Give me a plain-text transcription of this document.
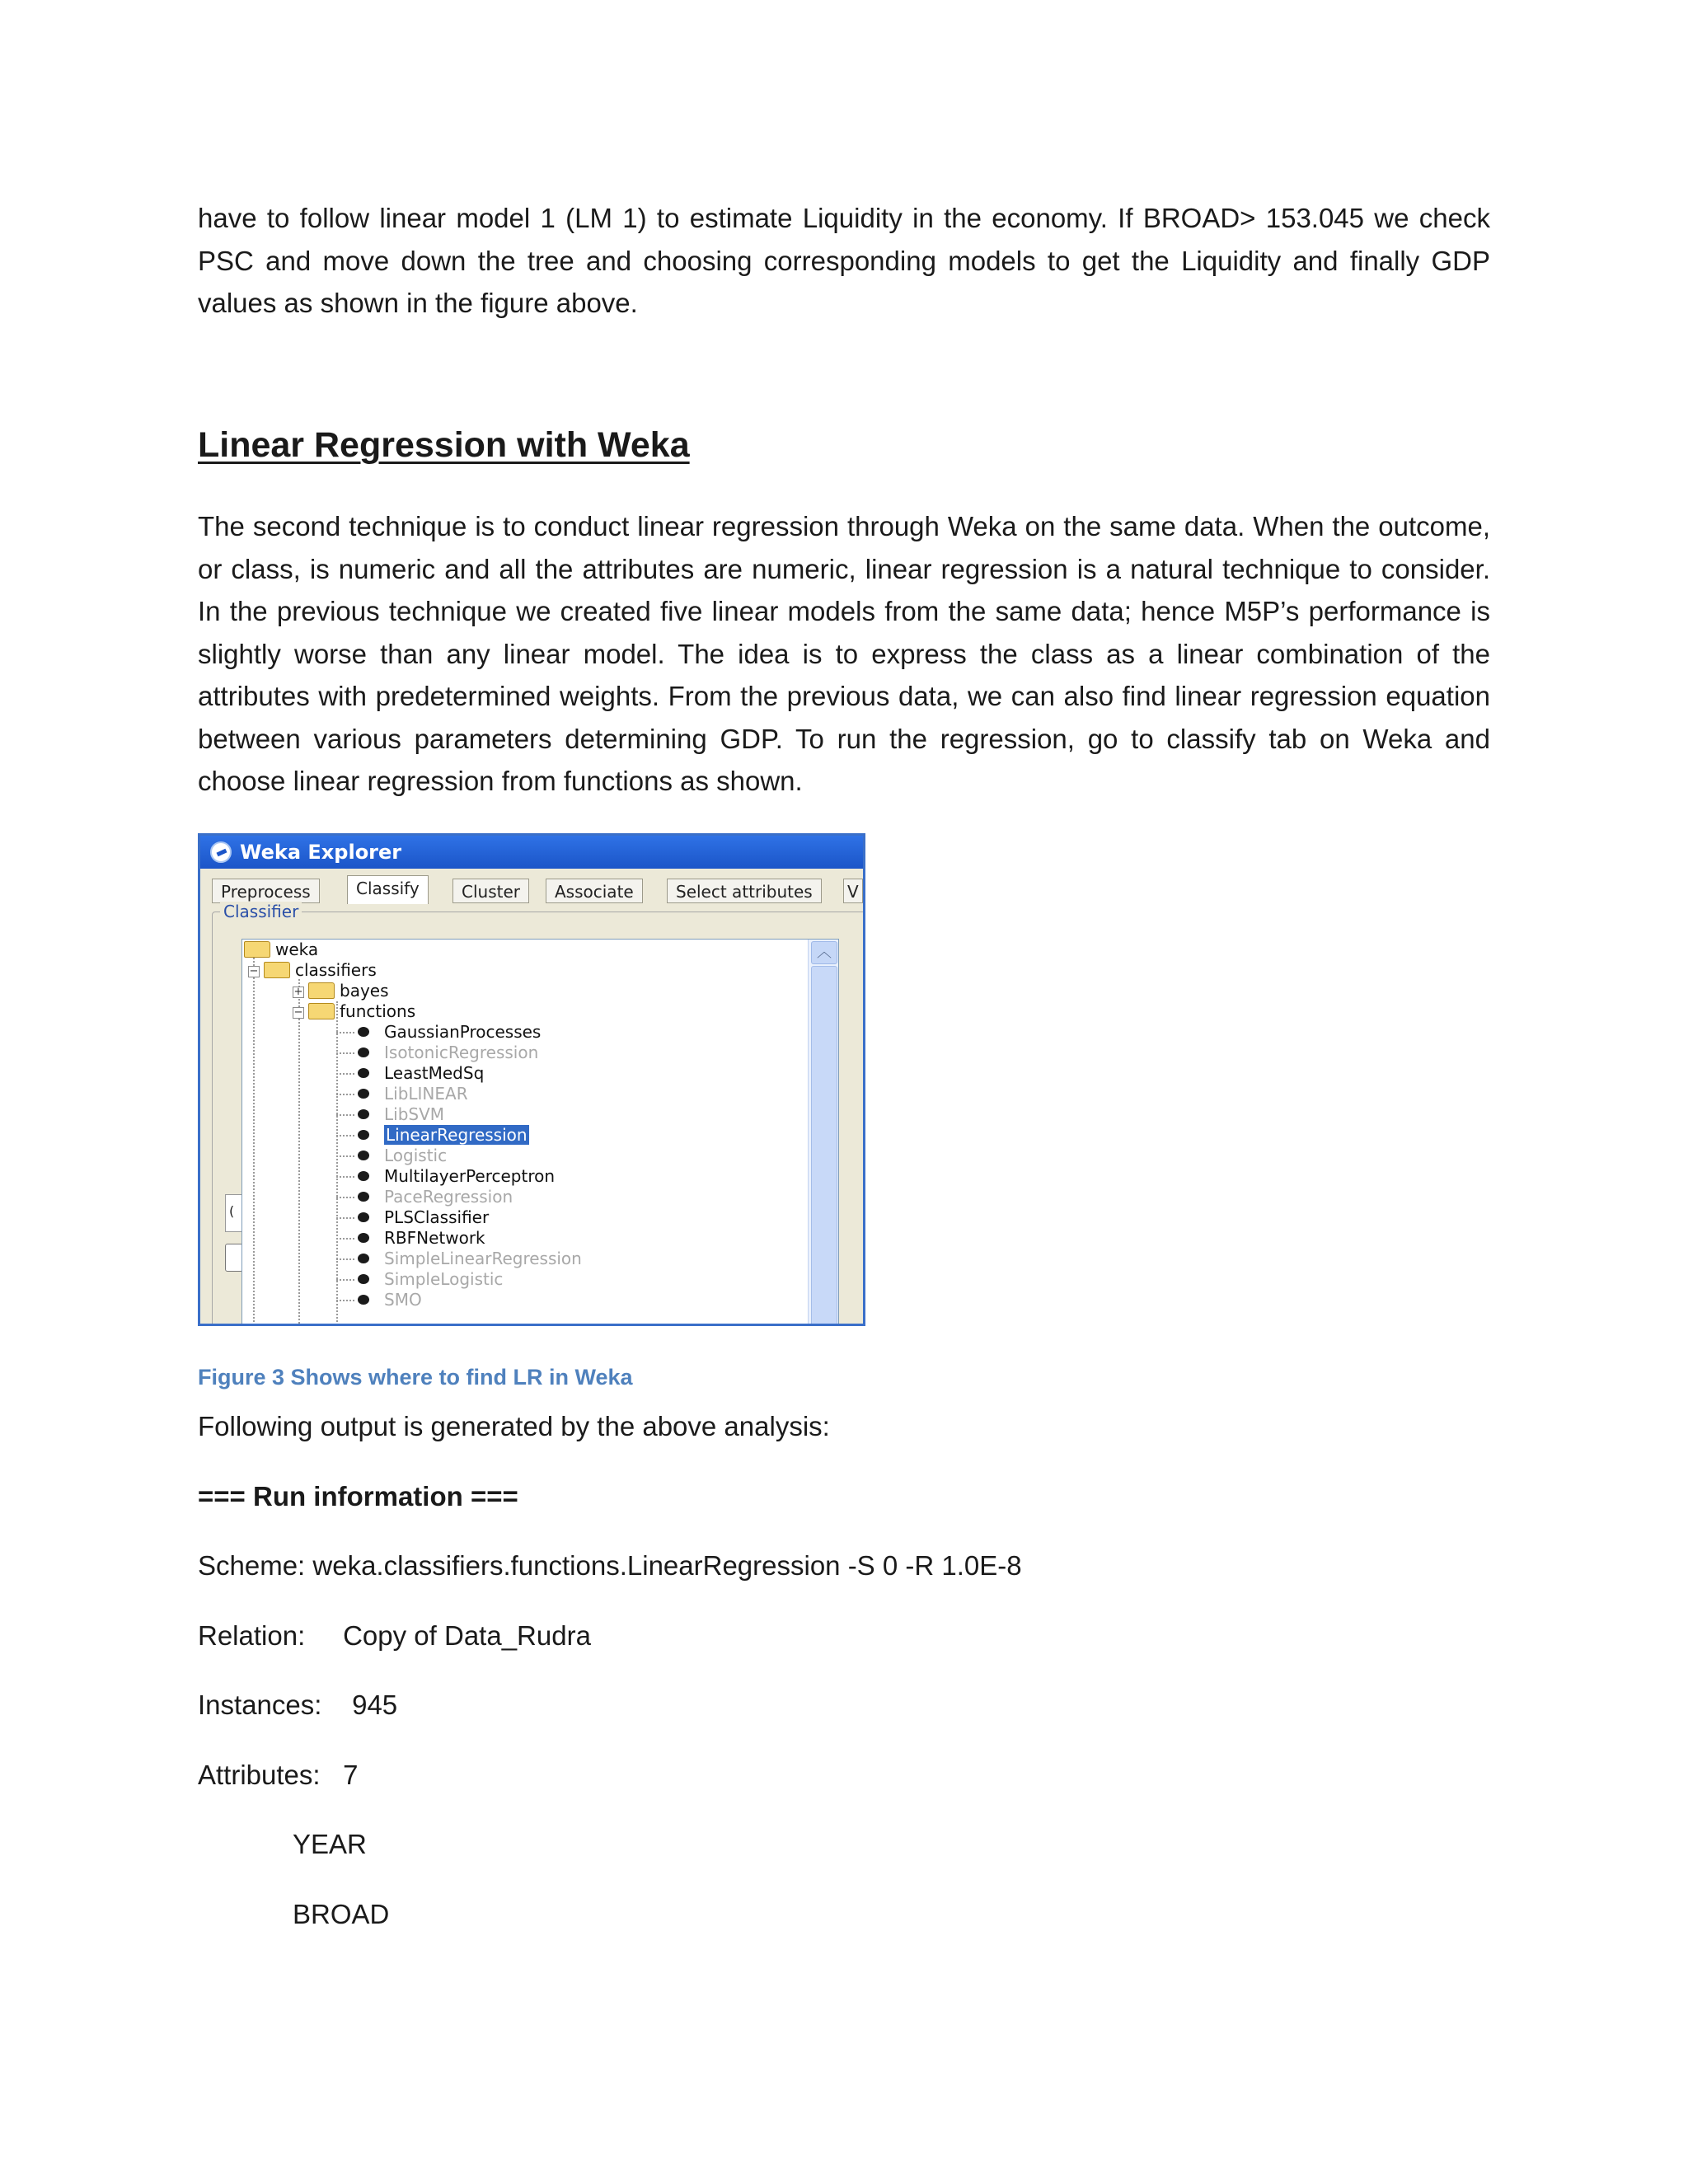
have to follow linear model 1 (LM 1) to estimate Liquidity in the economy. If BROAD> 153.045 we check PSC and move down the tree and choosing corresponding models to get the Liquidity and finally GDP values as shown in the figure above.

Linear Regression with Weka

The second technique is to conduct linear regression through Weka on the same data. When the outcome, or class, is numeric and all the attributes are numeric, linear regression is a natural technique to consider. In the previous technique we created five linear models from the same data; hence M5P’s performance is slightly worse than any linear model. The idea is to express the class as a linear combination of the attributes with predetermined weights. From the previous data, we can also find linear regression equation between various parameters determining GDP. To run the regression, go to classify tab on Weka and choose linear regression from functions as shown.

Weka Explorer
Preprocess	Classify	Cluster	Associate	Select attributes	V
Classifier
(
weka
−	classifiers
+	bayes
−	functions
GaussianProcesses
IsotonicRegression
LeastMedSq
LibLINEAR
LibSVM
LinearRegression
Logistic
MultilayerPerceptron
PaceRegression
PLSClassifier
RBFNetwork
SimpleLinearRegression
SimpleLogistic
SMO
︿

Figure 3 Shows where to find LR in Weka

Following output is generated by the above analysis:

=== Run information ===

Scheme: weka.classifiers.functions.LinearRegression -S 0 -R 1.0E-8

Relation:     Copy of Data_Rudra

Instances:    945

Attributes:   7

YEAR

BROAD
